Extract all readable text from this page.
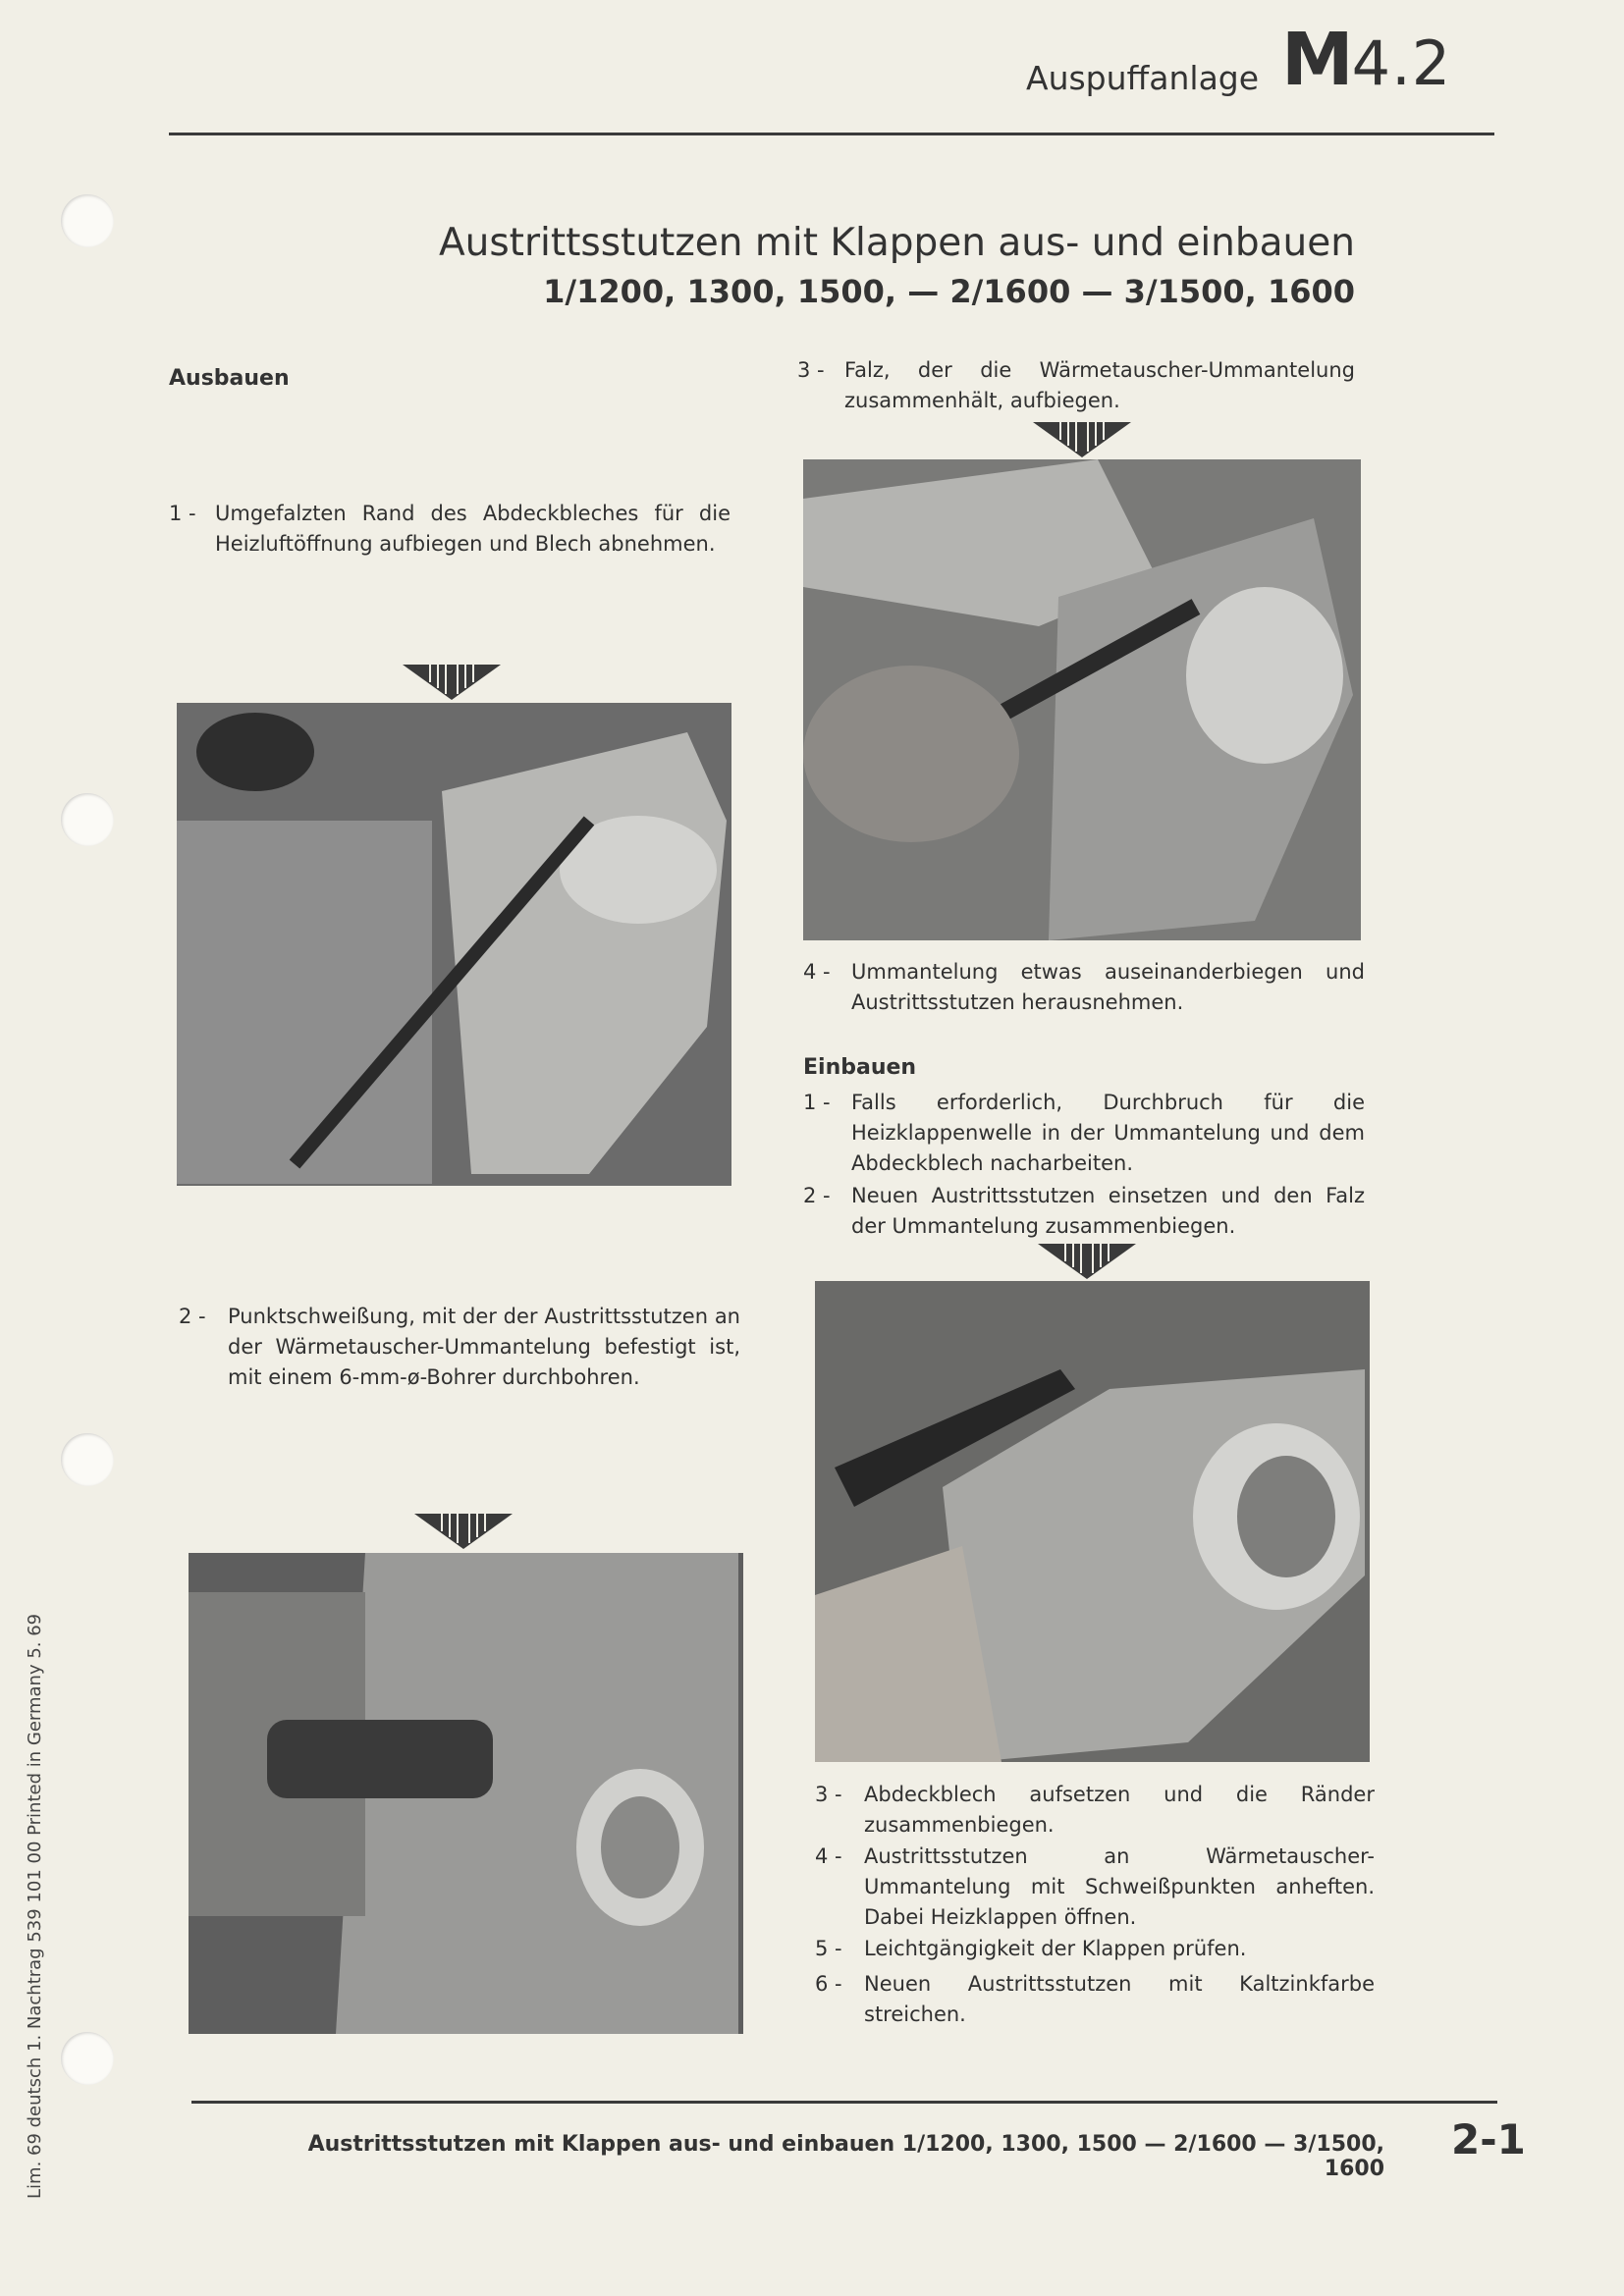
Auspuffanlage M4.2
Austrittsstutzen mit Klappen aus- und einbauen
1/1200, 1300, 1500, — 2/1600 — 3/1500, 1600
Ausbauen
1 - Umgefalzten Rand des Abdeckbleches für die Heizluftöffnung aufbiegen und Blech abnehmen.
2 - Punktschweißung, mit der der Austrittsstutzen an der Wärmetauscher-Ummantelung befestigt ist, mit einem 6-mm-ø-Bohrer durchbohren.
3 - Falz, der die Wärmetauscher-Ummantelung zusammenhält, aufbiegen.
4 - Ummantelung etwas auseinanderbiegen und Austrittsstutzen herausnehmen.
Einbauen
1 - Falls erforderlich, Durchbruch für die Heizklappenwelle in der Ummantelung und dem Abdeckblech nacharbeiten.
2 - Neuen Austrittsstutzen einsetzen und den Falz der Ummantelung zusammenbiegen.
3 - Abdeckblech aufsetzen und die Ränder zusammenbiegen.
4 - Austrittsstutzen an Wärmetauscher-Ummantelung mit Schweißpunkten anheften. Dabei Heizklappen öffnen.
5 - Leichtgängigkeit der Klappen prüfen.
6 - Neuen Austrittsstutzen mit Kaltzinkfarbe streichen.
Lim. 69 deutsch 1. Nachtrag 539 101 00 Printed in Germany 5. 69	Austrittsstutzen mit Klappen aus- und einbauen 1/1200, 1300, 1500 — 2/1600 — 3/1500, 1600
2-1
